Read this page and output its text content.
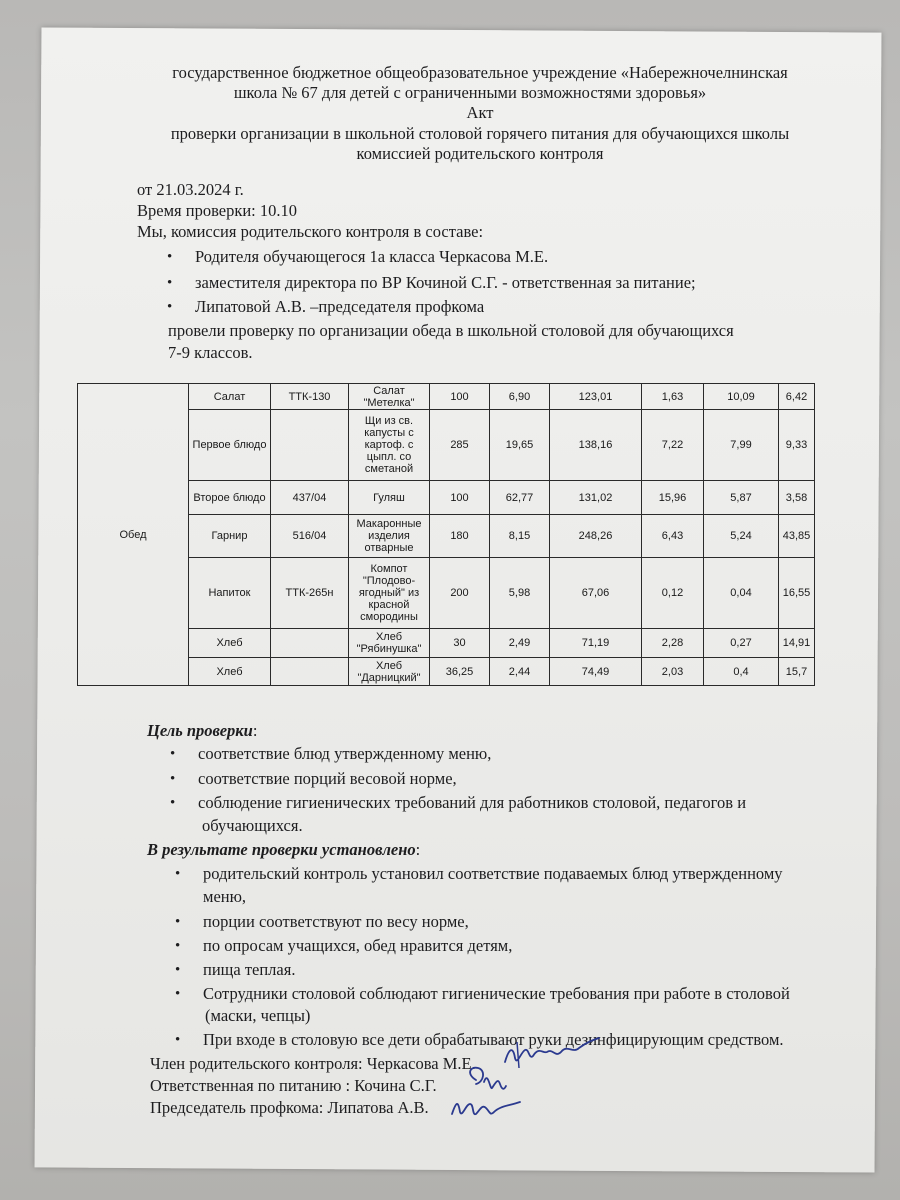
государственное бюджетное общеобразовательное учреждение «Набережночелнинская
школа № 67 для детей с ограниченными возможностями здоровья»
Акт
проверки организации в школьной столовой горячего питания для обучающихся школы
комиссией родительского контроля
от 21.03.2024 г.
Время проверки: 10.10
Мы, комиссия родительского контроля в составе:
• Родителя обучающегося 1а класса Черкасова М.Е.
• заместителя директора по ВР Кочиной С.Г. - ответственная за питание;
• Липатовой А.В. –председателя профкома
провели проверку по организации обеда в школьной столовой для обучающихся
7-9 классов.
Обед	Салат	ТТК-130	Салат "Метелка"	100	6,90	123,01	1,63	10,09	6,42
	Первое блюдо		Щи из св. капусты с картоф. с цыпл. со сметаной	285	19,65	138,16	7,22	7,99	9,33
	Второе блюдо	437/04	Гуляш	100	62,77	131,02	15,96	5,87	3,58
	Гарнир	516/04	Макаронные изделия отварные	180	8,15	248,26	6,43	5,24	43,85
	Напиток	ТТК-265н	Компот "Плодово-ягодный" из красной смородины	200	5,98	67,06	0,12	0,04	16,55
	Хлеб		Хлеб "Рябинушка"	30	2,49	71,19	2,28	0,27	14,91
	Хлеб		Хлеб "Дарницкий"	36,25	2,44	74,49	2,03	0,4	15,7
Цель проверки:
• соответствие блюд утвержденному меню,
• соответствие порций весовой норме,
• соблюдение гигиенических требований для работников столовой, педагогов и
обучающихся.
В результате проверки установлено:
• родительский контроль установил соответствие подаваемых блюд утвержденному
меню,
• порции соответствуют по весу норме,
• по опросам учащихся, обед нравится детям,
• пища теплая.
• Сотрудники столовой соблюдают гигиенические требования при работе в столовой
(маски, чепцы)
• При входе в столовую все дети обрабатывают руки дезинфицирующим средством.
Член родительского контроля: Черкасова М.Е.
Ответственная по питанию : Кочина С.Г.
Председатель профкома: Липатова А.В.
